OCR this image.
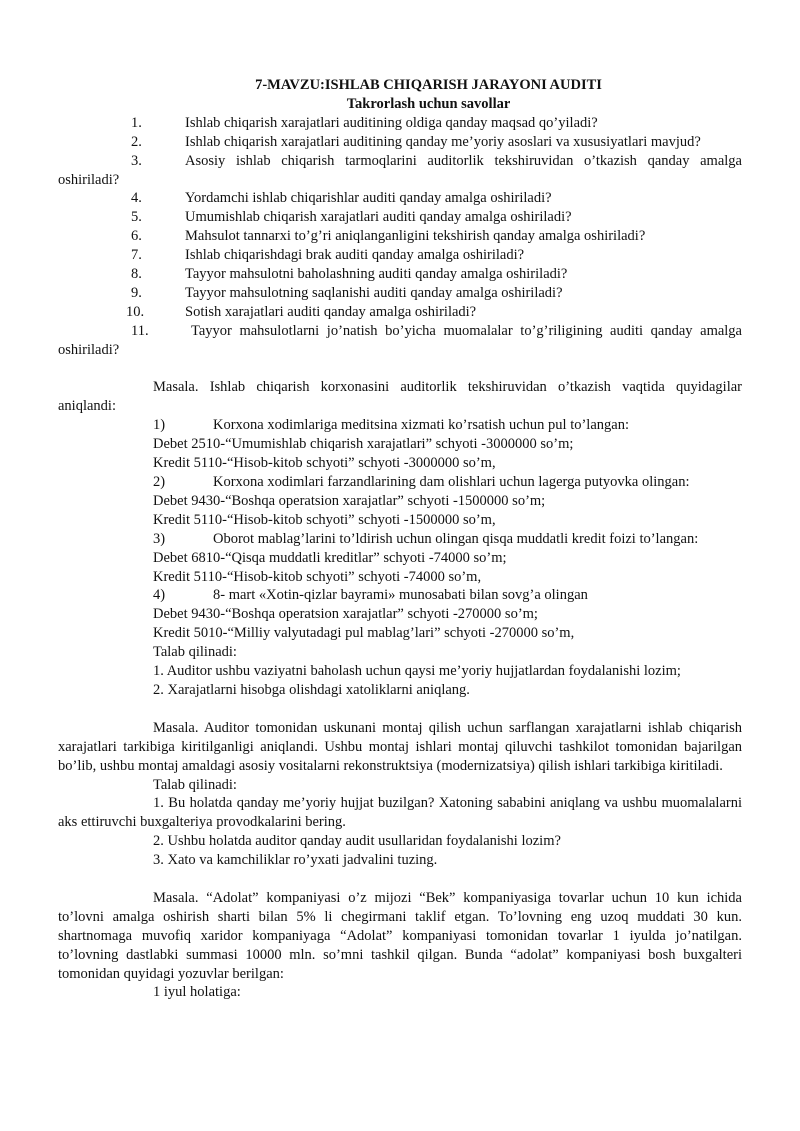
7-MAVZU:ISHLAB CHIQARISH JARAYONI AUDITI

Takrorlash uchun savollar

1.	Ishlab chiqarish xarajatlari auditining oldiga qanday maqsad qo’yiladi?
2.	Ishlab chiqarish xarajatlari auditining qanday me’yoriy asoslari va xususiyatlari mavjud?
3.	Asosiy ishlab chiqarish tarmoqlarini auditorlik tekshiruvidan o’tkazish qanday amalga oshiriladi?
4.	Yordamchi ishlab chiqarishlar auditi qanday amalga oshiriladi?
5.	Umumishlab chiqarish xarajatlari auditi qanday amalga oshiriladi?
6.	Mahsulot tannarxi to’g’ri aniqlanganligini tekshirish qanday amalga oshiriladi?
7.	Ishlab chiqarishdagi brak auditi qanday amalga oshiriladi?
8.	Tayyor mahsulotni baholashning auditi qanday amalga oshiriladi?
9.	Tayyor mahsulotning saqlanishi auditi qanday amalga oshiriladi?
10.	Sotish xarajatlari auditi qanday amalga oshiriladi?
11.	Tayyor mahsulotlarni jo’natish bo’yicha muomalalar to’g’riligining auditi qanday amalga oshiriladi?

Masala. Ishlab chiqarish korxonasini auditorlik tekshiruvidan o’tkazish vaqtida quyidagilar aniqlandi:

1)	Korxona xodimlariga meditsina xizmati ko’rsatish uchun pul to’langan:
Debet 2510-“Umumishlab chiqarish xarajatlari” schyoti -3000000 so’m;
Kredit 5110-“Hisob-kitob schyoti” schyoti -3000000 so’m,
2)	Korxona xodimlari farzandlarining dam olishlari uchun lagerga putyovka olingan:
Debet 9430-“Boshqa operatsion xarajatlar” schyoti -1500000 so’m;
Kredit 5110-“Hisob-kitob schyoti” schyoti -1500000 so’m,
3)	Oborot mablag’larini to’ldirish uchun olingan qisqa muddatli kredit foizi to’langan:
Debet 6810-“Qisqa muddatli kreditlar” schyoti -74000 so’m;
Kredit 5110-“Hisob-kitob schyoti” schyoti -74000 so’m,
4)	8- mart «Xotin-qizlar bayrami» munosabati bilan sovg’a olingan
Debet 9430-“Boshqa operatsion xarajatlar” schyoti -270000 so’m;
Kredit 5010-“Milliy valyutadagi pul mablag’lari” schyoti -270000 so’m,
Talab qilinadi:
1. Auditor ushbu vaziyatni baholash uchun qaysi me’yoriy hujjatlardan foydalanishi lozim;
2. Xarajatlarni hisobga olishdagi xatoliklarni aniqlang.

Masala. Auditor tomonidan uskunani montaj qilish uchun sarflangan xarajatlarni ishlab chiqarish xarajatlari tarkibiga kiritilganligi aniqlandi. Ushbu montaj ishlari montaj qiluvchi tashkilot tomonidan bajarilgan bo’lib, ushbu montaj amaldagi asosiy vositalarni rekonstruktsiya (modernizatsiya) qilish ishlari tarkibiga kiritiladi.

Talab qilinadi:

1. Bu holatda qanday me’yoriy hujjat buzilgan? Xatoning sababini aniqlang va ushbu muomalalarni aks ettiruvchi buxgalteriya provodkalarini bering.

2. Ushbu holatda auditor qanday audit usullaridan foydalanishi lozim?
3. Xato va kamchiliklar ro’yxati jadvalini tuzing.

Masala. “Adolat” kompaniyasi o’z mijozi “Bek” kompaniyasiga tovarlar uchun 10 kun ichida to’lovni amalga oshirish sharti bilan 5% li chegirmani taklif etgan. To’lovning eng uzoq muddati 30 kun. shartnomaga muvofiq xaridor kompaniyaga “Adolat” kompaniyasi tomonidan tovarlar 1 iyulda jo’natilgan. to’lovning dastlabki summasi 10000 mln. so’mni tashkil qilgan. Bunda “adolat” kompaniyasi bosh buxgalteri tomonidan quyidagi yozuvlar berilgan:

1 iyul holatiga:
